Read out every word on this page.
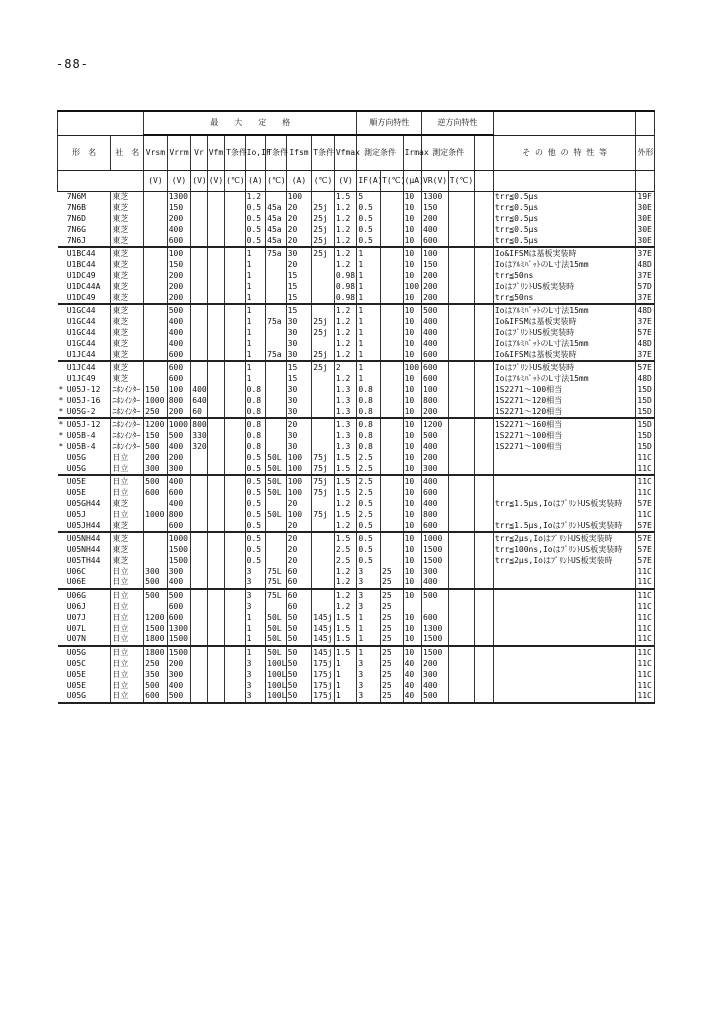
-88-
			最　　大　　定　　格										順方向特性			逆方向特性				
形　名		社　名	Vrsm	Vrrm	Vr	Vfm	T条件	Io,IF	T条件	Ifsm	T条件	Vfmax	測定条件		Irmax	測定条件			そ の 他 の 特 性 等	外形
			(V)	(V)	(V)	(V)	(℃)	(A)	(℃)	(A)	(℃)	(V)	IF(A)	T(℃)	(μA)	VR(V)	T(℃)			
	7N6M	東芝		1300				1.2		100		1.5	5		10	1300			trr≦0.5μs	19F
	7N6B	東芝		150				0.5	45a	20	25j	1.2	0.5		10	150			trr≦0.5μs	30E
	7N6D	東芝		200				0.5	45a	20	25j	1.2	0.5		10	200			trr≦0.5μs	30E
	7N6G	東芝		400				0.5	45a	20	25j	1.2	0.5		10	400			trr≦0.5μs	30E
	7N6J	東芝		600				0.5	45a	20	25j	1.2	0.5		10	600			trr≦0.5μs	30E
	U1BC44	東芝		100				1	75a	30	25j	1.2	1		10	100			Io&IFSMは基板実装時	37E
	U1BC44	東芝		150				1		20		1.2	1		10	150			IoはｱﾙﾐﾊﾟｯﾄのL寸法15mm	48D
	U1DC49	東芝		200				1		15		0.98	1		10	200			trr≦50ns	37E
	U1DC44A	東芝		200				1		15		0.98	1		100	200			IoはﾌﾟﾘﾝﾄUS板実装時	57D
	U1DC49	東芝		200				1		15		0.98	1		10	200			trr≦50ns	37E
	U1GC44	東芝		500				1		15		1.2	1		10	500			IoはｱﾙﾐﾊﾟｯﾄのL寸法15mm	48D
	U1GC44	東芝		400				1	75a	30	25j	1.2	1		10	400			Io&IFSMは基板実装時	37E
	U1GC44	東芝		400				1		30	25j	1.2	1		10	400			IoはﾌﾟﾘﾝﾄUS板実装時	57E
	U1GC44	東芝		400				1		30		1.2	1		10	400			IoはｱﾙﾐﾊﾟｯﾄのL寸法15mm	48D
	U1JC44	東芝		600				1	75a	30	25j	1.2	1		10	600			Io&IFSMは基板実装時	37E
	U1JC44	東芝		600				1		15	25j	2	1		100	600			IoはﾌﾟﾘﾝﾄUS板実装時	57E
	U1JC49	東芝		600				1		15		1.2	1		10	600			IoはｱﾙﾐﾊﾟｯﾄのL寸法15mm	48D
*	U05J-12	ﾆﾎﾝｲﾝﾀｰ	150	100	400			0.8		30		1.3	0.8		10	100			1S2271～100相当	15D
*	U05J-16	ﾆﾎﾝｲﾝﾀｰ	1000	800	640			0.8		30		1.3	0.8		10	800			1S2271～120相当	15D
*	U05G-2	ﾆﾎﾝｲﾝﾀｰ	250	200	60			0.8		30		1.3	0.8		10	200			1S2271～120相当	15D
*	U05J-12	ﾆﾎﾝｲﾝﾀｰ	1200	1000	800			0.8		20		1.3	0.8		10	1200			1S2271～160相当	15D
*	U05B-4	ﾆﾎﾝｲﾝﾀｰ	150	500	330			0.8		30		1.3	0.8		10	500			1S2271～100相当	15D
*	U05B-4	ﾆﾎﾝｲﾝﾀｰ	500	400	320			0.8		30		1.3	0.8		10	400			1S2271～100相当	15D
	U05G	日立	200	200				0.5	50L	100	75j	1.5	2.5		10	200				11C
	U05G	日立	300	300				0.5	50L	100	75j	1.5	2.5		10	300				11C
	U05E	日立	500	400				0.5	50L	100	75j	1.5	2.5		10	400				11C
	U05E	日立	600	600				0.5	50L	100	75j	1.5	2.5		10	600				11C
	U05GH44	東芝		400				0.5		20		1.2	0.5		10	400			trr≦1.5μs,IoはﾌﾟﾘﾝﾄUS板実装時	57E
	U05J	日立	1000	800				0.5	50L	100	75j	1.5	2.5		10	800				11C
	U05JH44	東芝		600				0.5		20		1.2	0.5		10	600			trr≦1.5μs,IoはﾌﾟﾘﾝﾄUS板実装時	57E
	U05NH44	東芝		1000				0.5		20		1.5	0.5		10	1000			trr≦2μs,IoはﾌﾟﾘﾝﾄUS板実装時	57E
	U05NH44	東芝		1500				0.5		20		2.5	0.5		10	1500			trr≦100ns,IoはﾌﾟﾘﾝﾄUS板実装時	57E
	U05TH44	東芝		1500				0.5		20		2.5	0.5		10	1500			trr≦2μs,IoはﾌﾟﾘﾝﾄUS板実装時	57E
	U06C	日立	300	300				3	75L	60		1.2	3	25	10	300				11C
	U06E	日立	500	400				3	75L	60		1.2	3	25	10	400				11C
	U06G	日立	500	500				3	75L	60		1.2	3	25	10	500				11C
	U06J	日立		600				3		60		1.2	3	25						11C
	U07J	日立	1200	600				1	50L	50	145j	1.5	1	25	10	600				11C
	U07L	日立	1500	1300				1	50L	50	145j	1.5	1	25	10	1300				11C
	U07N	日立	1800	1500				1	50L	50	145j	1.5	1	25	10	1500				11C
	U05G	日立	1800	1500				1	50L	50	145j	1.5	1	25	10	1500				11C
	U05C	日立	250	200				3	100L	50	175j	1	3	25	40	200				11C
	U05E	日立	350	300				3	100L	50	175j	1	3	25	40	300				11C
	U05E	日立	500	400				3	100L	50	175j	1	3	25	40	400				11C
	U05G	日立	600	500				3	100L	50	175j	1	3	25	40	500				11C
